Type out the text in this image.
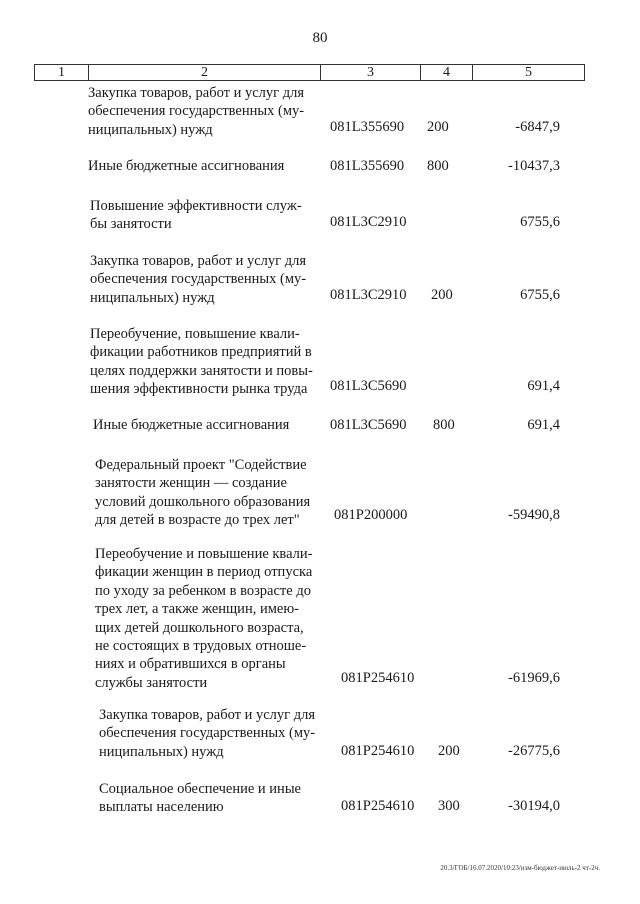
80
1	2	3	4	5
Закупка товаров, работ и услуг для
обеспечения государственных (му-
ниципальных) нужд	081L355690 200	-6847,9
Иные бюджетные ассигнования	081L355690 800	-10437,3
Повышение эффективности служ-
бы занятости	081L3C2910	6755,6
Закупка товаров, работ и услуг для
обеспечения государственных (му-
ниципальных) нужд	081L3C2910 200	6755,6
Переобучение, повышение квали-
фикации работников предприятий в
целях поддержки занятости и повы-
шения эффективности рынка труда	081L3C5690	691,4
Иные бюджетные ассигнования	081L3C5690 800	691,4
Федеральный проект "Содействие
занятости женщин — создание
условий дошкольного образования
для детей в возрасте до трех лет"	081P200000	-59490,8
Переобучение и повышение квали-
фикации женщин в период отпуска
по уходу за ребенком в возрасте до
трех лет, а также женщин, имею-
щих детей дошкольного возраста,
не состоящих в трудовых отноше-
ниях и обратившихся в органы
службы занятости	081P254610	-61969,6
Закупка товаров, работ и услуг для
обеспечения государственных (му-
ниципальных) нужд	081P254610 200	-26775,6
Социальное обеспечение и иные
выплаты населению	081P254610 300	-30194,0
20.3/ГОБ/16.07.2020/10:23/изм-бюджет-июль-2 чт-2ч.
